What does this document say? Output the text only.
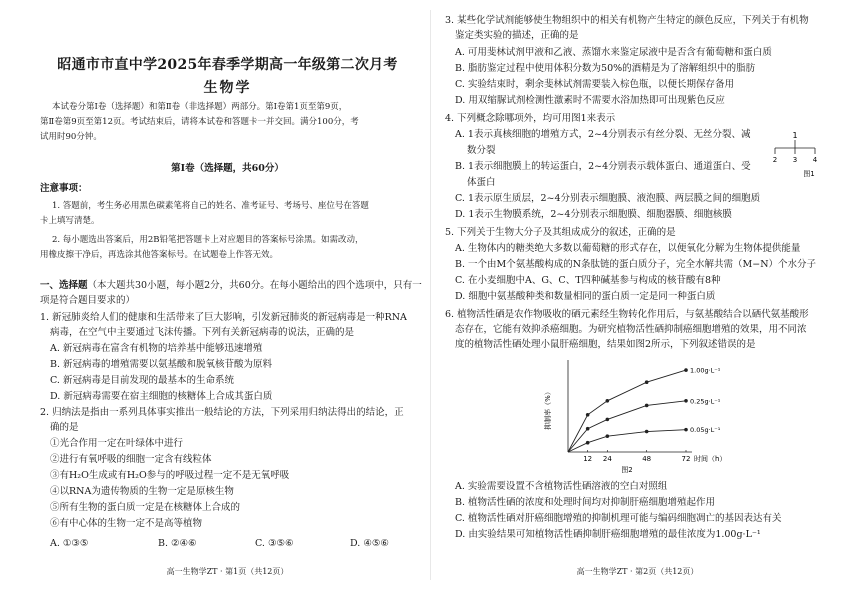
昭通市市直中学2025年春季学期高一年级第二次月考
生物学
本试卷分第Ⅰ卷（选择题）和第Ⅱ卷（非选择题）两部分。第Ⅰ卷第1页至第9页，
第Ⅱ卷第9页至第12页。考试结束后，请将本试卷和答题卡一并交回。满分100分，考
试用时90分钟。
第Ⅰ卷（选择题，共60分）
注意事项：
1. 答题前，考生务必用黑色碳素笔将自己的姓名、准考证号、考场号、座位号在答题
卡上填写清楚。
2. 每小题选出答案后，用2B铅笔把答题卡上对应题目的答案标号涂黑。如需改动，
用橡皮擦干净后，再选涂其他答案标号。在试题卷上作答无效。
一、选择题（本大题共30小题，每小题2分，共60分。在每小题给出的四个选项中，只有一
项是符合题目要求的）
1. 新冠肺炎给人们的健康和生活带来了巨大影响，引发新冠肺炎的新冠病毒是一种RNA
病毒，在空气中主要通过飞沫传播。下列有关新冠病毒的说法，正确的是
A. 新冠病毒在富含有机物的培养基中能够迅速增殖
B. 新冠病毒的增殖需要以氨基酸和脱氧核苷酸为原料
C. 新冠病毒是目前发现的最基本的生命系统
D. 新冠病毒需要在宿主细胞的核糖体上合成其蛋白质
2. 归纳法是指由一系列具体事实推出一般结论的方法，下列采用归纳法得出的结论，正
确的是
①光合作用一定在叶绿体中进行
②进行有氧呼吸的细胞一定含有线粒体
③有H₂O生成或有H₂O参与的呼吸过程一定不是无氧呼吸
④以RNA为遗传物质的生物一定是原核生物
⑤所有生物的蛋白质一定是在核糖体上合成的
⑥有中心体的生物一定不是高等植物
A. ①③⑤	B. ②④⑥	C. ③⑤⑥	D. ④⑤⑥
高一生物学ZT · 第1页（共12页）
3. 某些化学试剂能够使生物组织中的相关有机物产生特定的颜色反应，下列关于有机物
鉴定类实验的描述，正确的是
A. 可用斐林试剂甲液和乙液、蒸馏水来鉴定尿液中是否含有葡萄糖和蛋白质
B. 脂肪鉴定过程中使用体积分数为50%的酒精是为了溶解组织中的脂肪
C. 实验结束时，剩余斐林试剂需要装入棕色瓶，以便长期保存备用
D. 用双缩脲试剂检测性激素时不需要水浴加热即可出现紫色反应
4. 下列概念除哪项外，均可用图1来表示
A. 1表示真核细胞的增殖方式，2~4分别表示有丝分裂、无丝分裂、减
数分裂
B. 1表示细胞膜上的转运蛋白，2~4分别表示载体蛋白、通道蛋白、受
体蛋白
C. 1表示原生质层，2~4分别表示细胞膜、液泡膜、两层膜之间的细胞质
D. 1表示生物膜系统，2~4分别表示细胞膜、细胞器膜、细胞核膜
1
2 3 4
图1
5. 下列关于生物大分子及其组成成分的叙述，正确的是
A. 生物体内的糖类绝大多数以葡萄糖的形式存在，以便氧化分解为生物体提供能量
B. 一个由M个氨基酸构成的N条肽链的蛋白质分子，完全水解共需（M−N）个水分子
C. 在小麦细胞中A、G、C、T四种碱基参与构成的核苷酸有8种
D. 细胞中氨基酸种类和数量相同的蛋白质一定是同一种蛋白质
6. 植物活性硒是农作物吸收的硒元素经生物转化作用后，与氨基酸结合以硒代氨基酸形
态存在，它能有效抑杀癌细胞。为研究植物活性硒抑制癌细胞增殖的效果，用不同浓
度的植物活性硒处理小鼠肝癌细胞，结果如图2所示，下列叙述错误的是
抑制率（%）
12 24	48	72 时间（h）
图2
1.00g·L⁻¹
0.25g·L⁻¹
0.05g·L⁻¹
A. 实验需要设置不含植物活性硒溶液的空白对照组
B. 植物活性硒的浓度和处理时间均对抑制肝癌细胞增殖起作用
C. 植物活性硒对肝癌细胞增殖的抑制机理可能与编码细胞凋亡的基因表达有关
D. 由实验结果可知植物活性硒抑制肝癌细胞增殖的最佳浓度为1.00g·L⁻¹
高一生物学ZT · 第2页（共12页）
